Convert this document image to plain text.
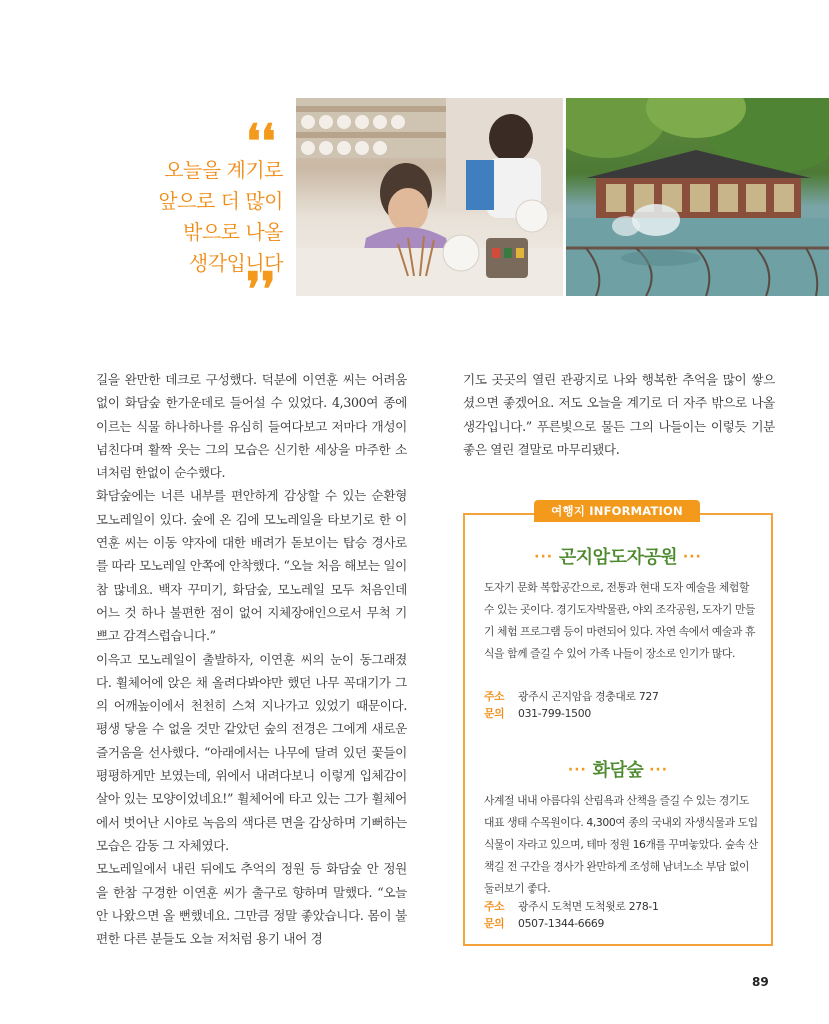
❛❛
오늘을 계기로
앞으로 더 많이
밖으로 나올
생각입니다
❜❜

길을 완만한 데크로 구성했다. 덕분에 이연훈 씨는 어려움 없이 화담숲 한가운데로 들어설 수 있었다. 4,300여 종에 이르는 식물 하나하나를 유심히 들여다보고 저마다 개성이 넘친다며 활짝 웃는 그의 모습은 신기한 세상을 마주한 소녀처럼 한없이 순수했다.

화담숲에는 너른 내부를 편안하게 감상할 수 있는 순환형 모노레일이 있다. 숲에 온 김에 모노레일을 타보기로 한 이연훈 씨는 이동 약자에 대한 배려가 돋보이는 탑승 경사로를 따라 모노레일 안쪽에 안착했다. “오늘 처음 해보는 일이 참 많네요. 백자 꾸미기, 화담숲, 모노레일 모두 처음인데 어느 것 하나 불편한 점이 없어 지체장애인으로서 무척 기쁘고 감격스럽습니다.”

이윽고 모노레일이 출발하자, 이연훈 씨의 눈이 동그래졌다. 휠체어에 앉은 채 올려다봐야만 했던 나무 꼭대기가 그의 어깨높이에서 천천히 스쳐 지나가고 있었기 때문이다. 평생 닿을 수 없을 것만 같았던 숲의 전경은 그에게 새로운 즐거움을 선사했다. “아래에서는 나무에 달려 있던 꽃들이 평평하게만 보였는데, 위에서 내려다보니 이렇게 입체감이 살아 있는 모양이었네요!” 휠체어에 타고 있는 그가 휠체어에서 벗어난 시야로 녹음의 색다른 면을 감상하며 기뻐하는 모습은 감동 그 자체였다.

모노레일에서 내린 뒤에도 추억의 정원 등 화담숲 안 정원을 한참 구경한 이연훈 씨가 출구로 향하며 말했다. “오늘 안 나왔으면 올 뻔했네요. 그만큼 정말 좋았습니다. 몸이 불편한 다른 분들도 오늘 저처럼 용기 내어 경

기도 곳곳의 열린 관광지로 나와 행복한 추억을 많이 쌓으셨으면 좋겠어요. 저도 오늘을 계기로 더 자주 밖으로 나올 생각입니다.” 푸른빛으로 물든 그의 나들이는 이렇듯 기분 좋은 열린 결말로 마무리됐다.

여행지 INFORMATION
··· 곤지암도자공원 ···
도자기 문화 복합공간으로, 전통과 현대 도자 예술을 체험할 수 있는 곳이다. 경기도자박물관, 야외 조각공원, 도자기 만들기 체험 프로그램 등이 마련되어 있다. 자연 속에서 예술과 휴식을 함께 즐길 수 있어 가족 나들이 장소로 인기가 많다.
주소 광주시 곤지암읍 경충대로 727
문의 031-799-1500
··· 화담숲 ···
사계절 내내 아름다워 산림욕과 산책을 즐길 수 있는 경기도 대표 생태 수목원이다. 4,300여 종의 국내외 자생식물과 도입식물이 자라고 있으며, 테마 정원 16개를 꾸며놓았다. 숲속 산책길 전 구간을 경사가 완만하게 조성해 남녀노소 부담 없이 둘러보기 좋다.
주소 광주시 도척면 도척윗로 278-1
문의 0507-1344-6669
89
